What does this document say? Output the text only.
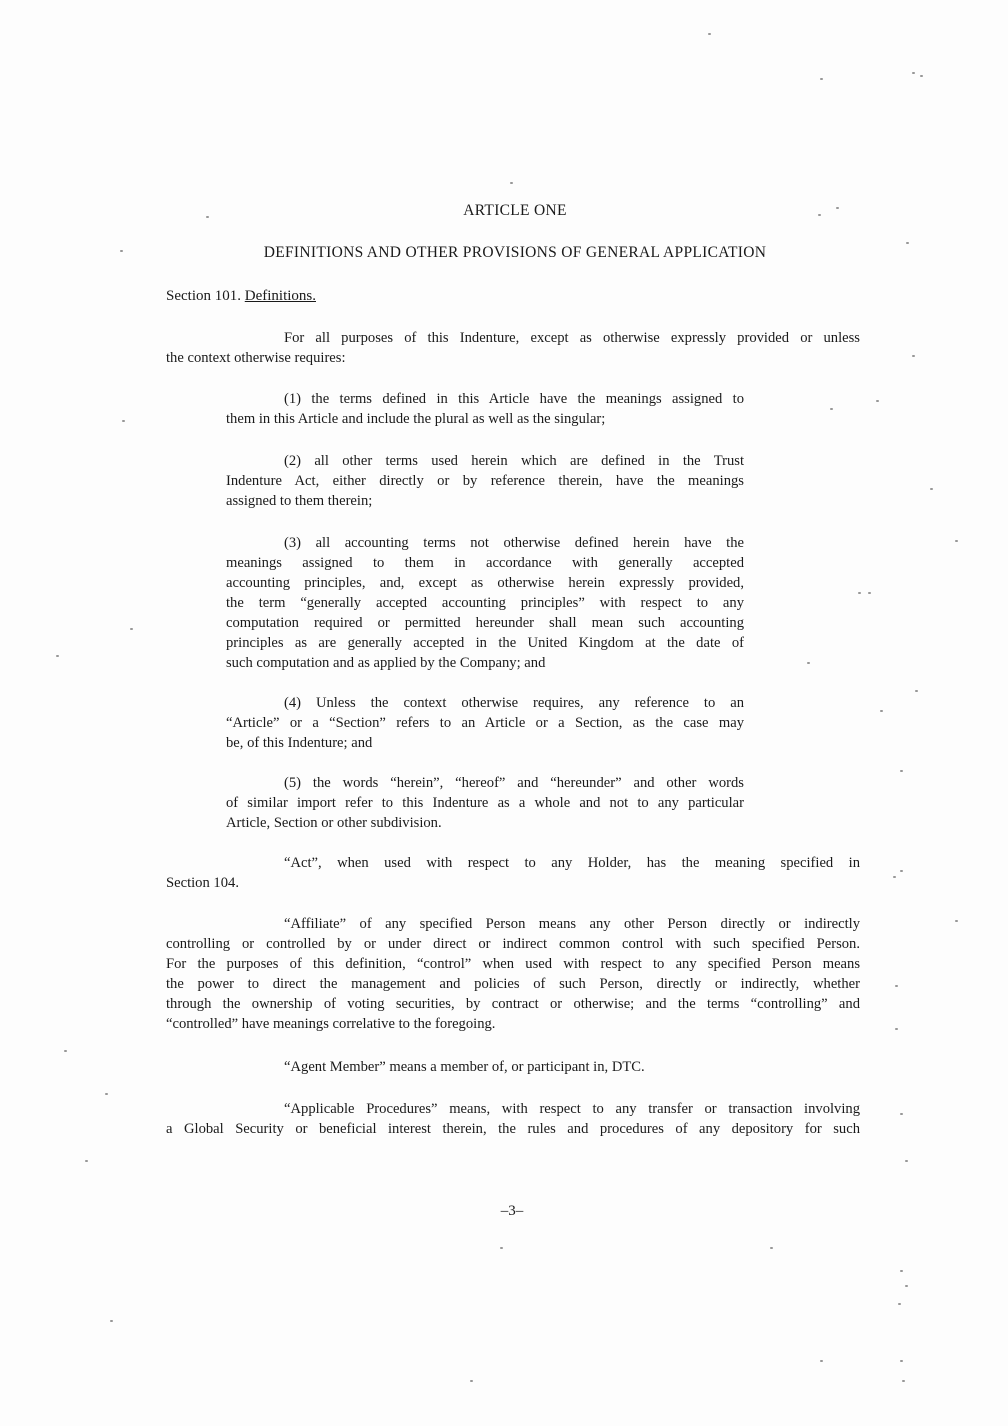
ARTICLE ONE
DEFINITIONS AND OTHER PROVISIONS OF GENERAL APPLICATION
Section 101. Definitions.
For all purposes of this Indenture, except as otherwise expressly provided or unless
the context otherwise requires:
(1) the terms defined in this Article have the meanings assigned to
them in this Article and include the plural as well as the singular;
(2) all other terms used herein which are defined in the Trust
Indenture Act, either directly or by reference therein, have the meanings
assigned to them therein;
(3) all accounting terms not otherwise defined herein have the
meanings assigned to them in accordance with generally accepted
accounting principles, and, except as otherwise herein expressly provided,
the term “generally accepted accounting principles” with respect to any
computation required or permitted hereunder shall mean such accounting
principles as are generally accepted in the United Kingdom at the date of
such computation and as applied by the Company; and
(4) Unless the context otherwise requires, any reference to an
“Article” or a “Section” refers to an Article or a Section, as the case may
be, of this Indenture; and
(5) the words “herein”, “hereof” and “hereunder” and other words
of similar import refer to this Indenture as a whole and not to any particular
Article, Section or other subdivision.
“Act”, when used with respect to any Holder, has the meaning specified in
Section 104.
“Affiliate” of any specified Person means any other Person directly or indirectly
controlling or controlled by or under direct or indirect common control with such specified Person.
For the purposes of this definition, “control” when used with respect to any specified Person means
the power to direct the management and policies of such Person, directly or indirectly, whether
through the ownership of voting securities, by contract or otherwise; and the terms “controlling” and
“controlled” have meanings correlative to the foregoing.
“Agent Member” means a member of, or participant in, DTC.
“Applicable Procedures” means, with respect to any transfer or transaction involving
a Global Security or beneficial interest therein, the rules and procedures of any depository for such
–3–
